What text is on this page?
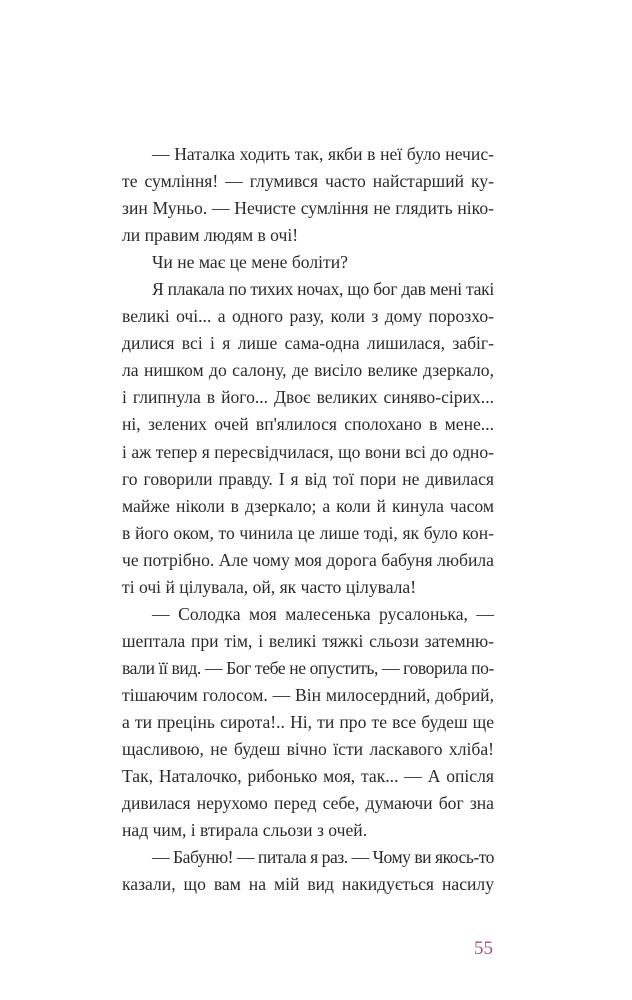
— Наталка ходить так, якби в неї було нечис-
те сумління! — глумився часто найстарший ку-
зин Муньо. — Нечисте сумління не глядить ніко-
ли правим людям в очі!
Чи не має це мене боліти?
Я плакала по тихих ночах, що бог дав мені такі
великі очі... а одного разу, коли з дому порозхо-
дилися всі і я лише сама-одна лишилася, забіг-
ла нишком до салону, де висіло велике дзеркало,
і глипнула в його... Двоє великих синяво-сірих...
ні, зелених очей вп'ялилося сполохано в мене...
і аж тепер я пересвідчилася, що вони всі до одно-
го говорили правду. І я від тої пори не дивилася
майже ніколи в дзеркало; а коли й кинула часом
в його оком, то чинила це лише тоді, як було кон-
че потрібно. Але чому моя дорога бабуня любила
ті очі й цілувала, ой, як часто цілувала!
— Солодка моя малесенька русалонька, —
шептала при тім, і великі тяжкі сльози затемню-
вали її вид. — Бог тебе не опустить, — говорила по-
тішаючим голосом. — Він милосердний, добрий,
а ти прецінь сирота!.. Ні, ти про те все будеш ще
щасливою, не будеш вічно їсти ласкавого хліба!
Так, Наталочко, рибонько моя, так... — А опісля
дивилася нерухомо перед себе, думаючи бог зна
над чим, і втирала сльози з очей.
— Бабуню! — питала я раз. — Чому ви якось-то
казали, що вам на мій вид накидується насилу
55
